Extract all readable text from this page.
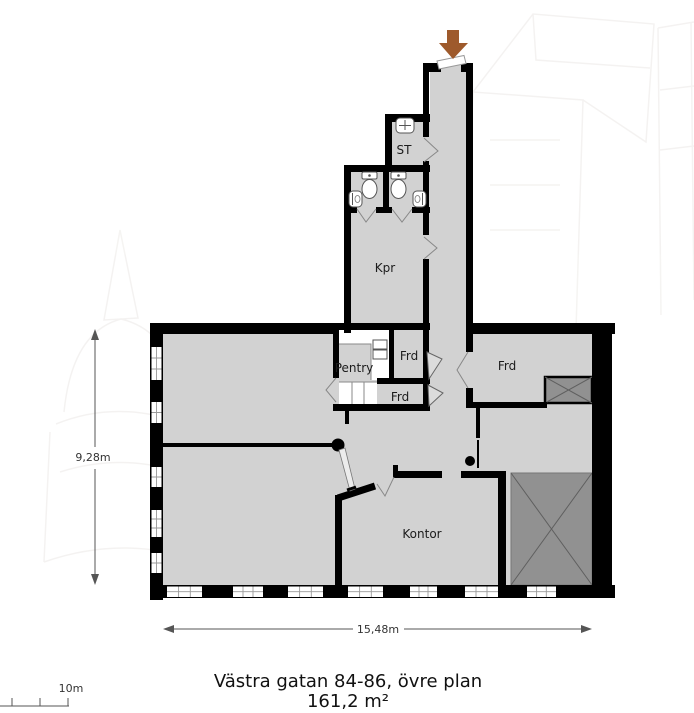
ST
Kpr
Pentry
Frd
Frd
Frd
Kontor
9,28m
15,48m
10m	Västra gatan 84-86, övre plan
161,2 m²
